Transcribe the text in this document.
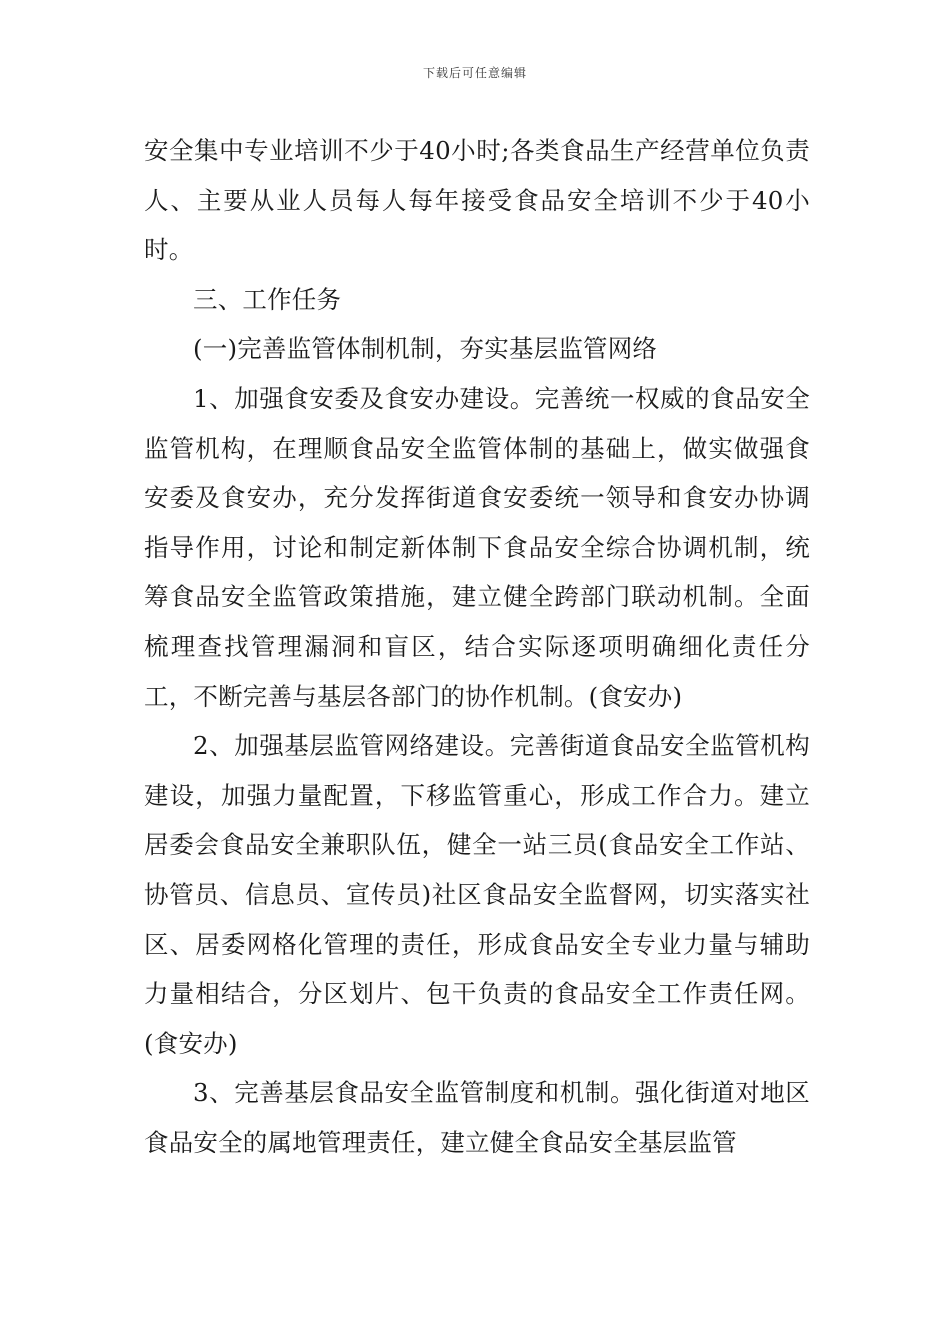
下载后可任意编辑

安全集中专业培训不少于40小时;各类食品生产经营单位负责人、主要从业人员每人每年接受食品安全培训不少于40小时。

三、工作任务

(一)完善监管体制机制，夯实基层监管网络

1、加强食安委及食安办建设。完善统一权威的食品安全监管机构，在理顺食品安全监管体制的基础上，做实做强食安委及食安办，充分发挥街道食安委统一领导和食安办协调指导作用，讨论和制定新体制下食品安全综合协调机制，统筹食品安全监管政策措施，建立健全跨部门联动机制。全面梳理查找管理漏洞和盲区，结合实际逐项明确细化责任分工，不断完善与基层各部门的协作机制。(食安办)

2、加强基层监管网络建设。完善街道食品安全监管机构建设，加强力量配置，下移监管重心，形成工作合力。建立居委会食品安全兼职队伍，健全一站三员(食品安全工作站、协管员、信息员、宣传员)社区食品安全监督网，切实落实社区、居委网格化管理的责任，形成食品安全专业力量与辅助力量相结合，分区划片、包干负责的食品安全工作责任网。(食安办)

3、完善基层食品安全监管制度和机制。强化街道对地区食品安全的属地管理责任，建立健全食品安全基层监管
